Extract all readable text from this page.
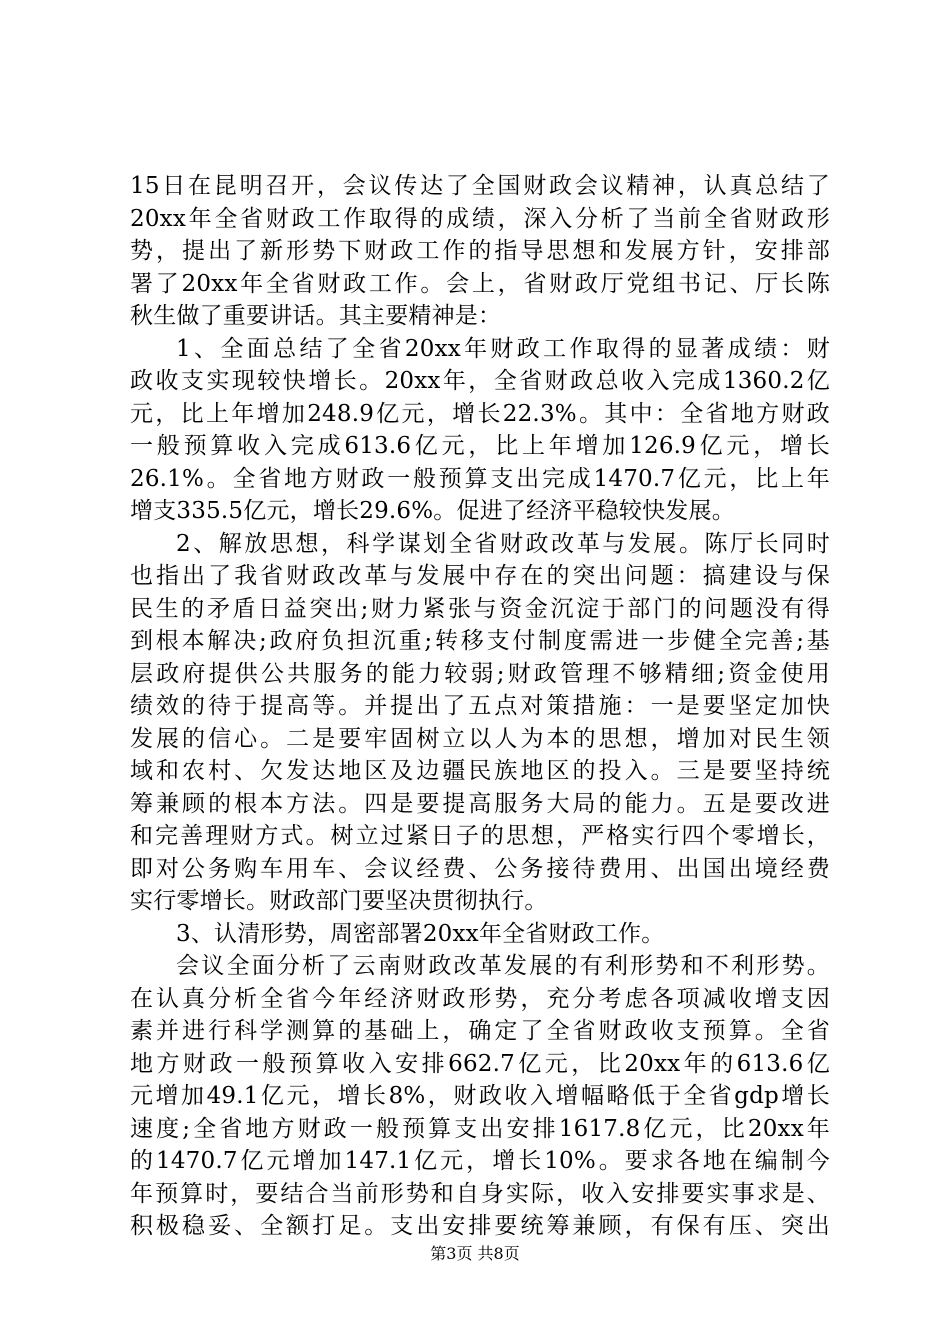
15日在昆明召开，会议传达了全国财政会议精神，认真总结了
20xx年全省财政工作取得的成绩，深入分析了当前全省财政形
势，提出了新形势下财政工作的指导思想和发展方针，安排部
署了20xx年全省财政工作。会上，省财政厅党组书记、厅长陈
秋生做了重要讲话。其主要精神是：
1、全面总结了全省20xx年财政工作取得的显著成绩：财
政收支实现较快增长。20xx年，全省财政总收入完成1360.2亿
元，比上年增加248.9亿元，增长22.3%。其中：全省地方财政
一般预算收入完成613.6亿元，比上年增加126.9亿元，增长
26.1%。全省地方财政一般预算支出完成1470.7亿元，比上年
增支335.5亿元，增长29.6%。促进了经济平稳较快发展。
2、解放思想，科学谋划全省财政改革与发展。陈厅长同时
也指出了我省财政改革与发展中存在的突出问题：搞建设与保
民生的矛盾日益突出;财力紧张与资金沉淀于部门的问题没有得
到根本解决;政府负担沉重;转移支付制度需进一步健全完善;基
层政府提供公共服务的能力较弱;财政管理不够精细;资金使用
绩效的待于提高等。并提出了五点对策措施：一是要坚定加快
发展的信心。二是要牢固树立以人为本的思想，增加对民生领
域和农村、欠发达地区及边疆民族地区的投入。三是要坚持统
筹兼顾的根本方法。四是要提高服务大局的能力。五是要改进
和完善理财方式。树立过紧日子的思想，严格实行四个零增长，
即对公务购车用车、会议经费、公务接待费用、出国出境经费
实行零增长。财政部门要坚决贯彻执行。
3、认清形势，周密部署20xx年全省财政工作。
会议全面分析了云南财政改革发展的有利形势和不利形势。
在认真分析全省今年经济财政形势，充分考虑各项减收增支因
素并进行科学测算的基础上，确定了全省财政收支预算。全省
地方财政一般预算收入安排662.7亿元，比20xx年的613.6亿
元增加49.1亿元，增长8%，财政收入增幅略低于全省gdp增长
速度;全省地方财政一般预算支出安排1617.8亿元，比20xx年
的1470.7亿元增加147.1亿元，增长10%。要求各地在编制今
年预算时，要结合当前形势和自身实际，收入安排要实事求是、
积极稳妥、全额打足。支出安排要统筹兼顾，有保有压、突出
第3页 共8页
